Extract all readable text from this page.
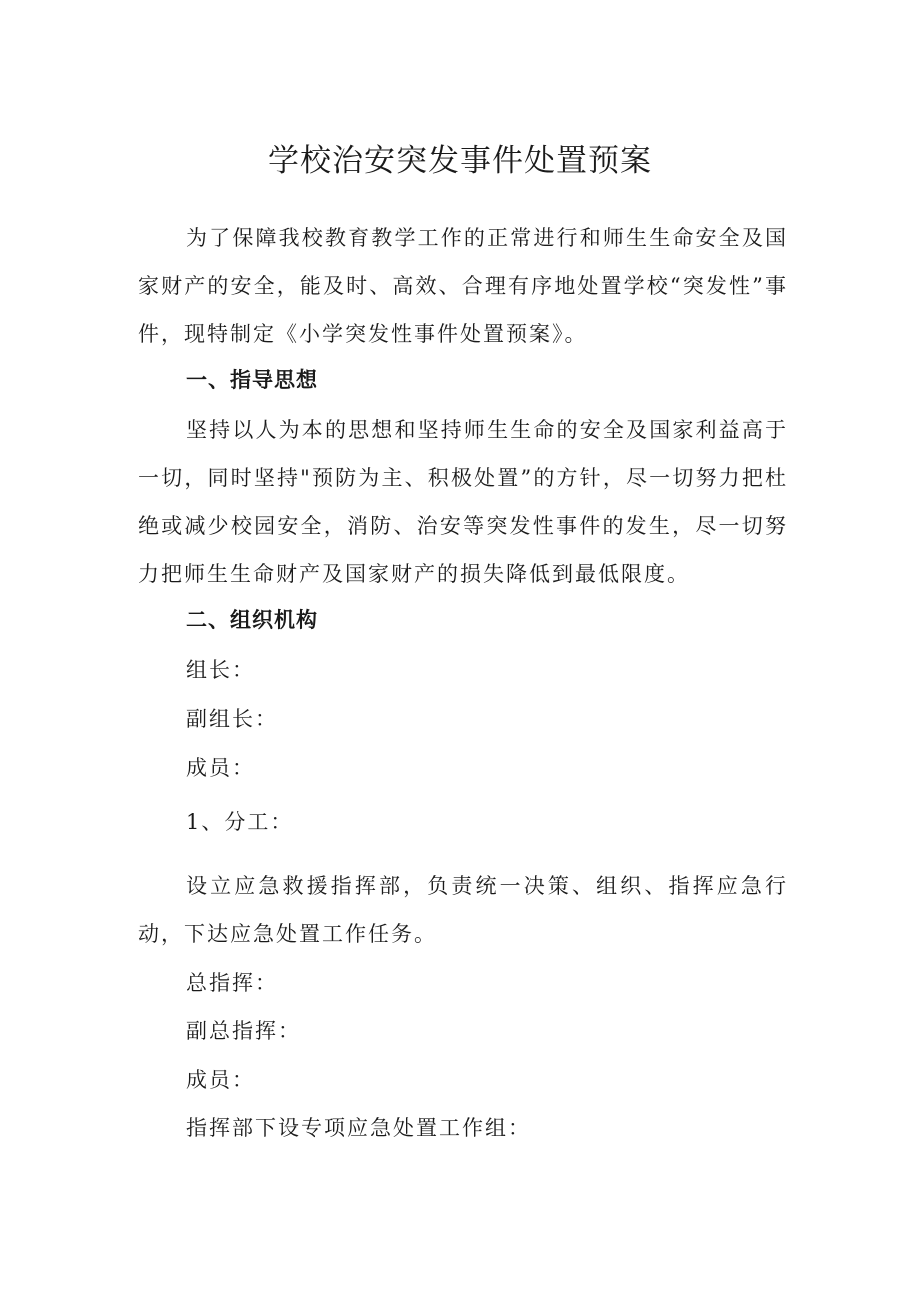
学校治安突发事件处置预案

为了保障我校教育教学工作的正常进行和师生生命安全及国家财产的安全，能及时、高效、合理有序地处置学校“突发性”事件，现特制定《小学突发性事件处置预案》。

一、指导思想

坚持以人为本的思想和坚持师生生命的安全及国家利益高于一切，同时坚持"预防为主、积极处置”的方针，尽一切努力把杜绝或减少校园安全，消防、治安等突发性事件的发生，尽一切努力把师生生命财产及国家财产的损失降低到最低限度。

二、组织机构
组长：
副组长：
成员：
1、分工：

设立应急救援指挥部，负责统一决策、组织、指挥应急行动，下达应急处置工作任务。

总指挥：
副总指挥：
成员：
指挥部下设专项应急处置工作组：
